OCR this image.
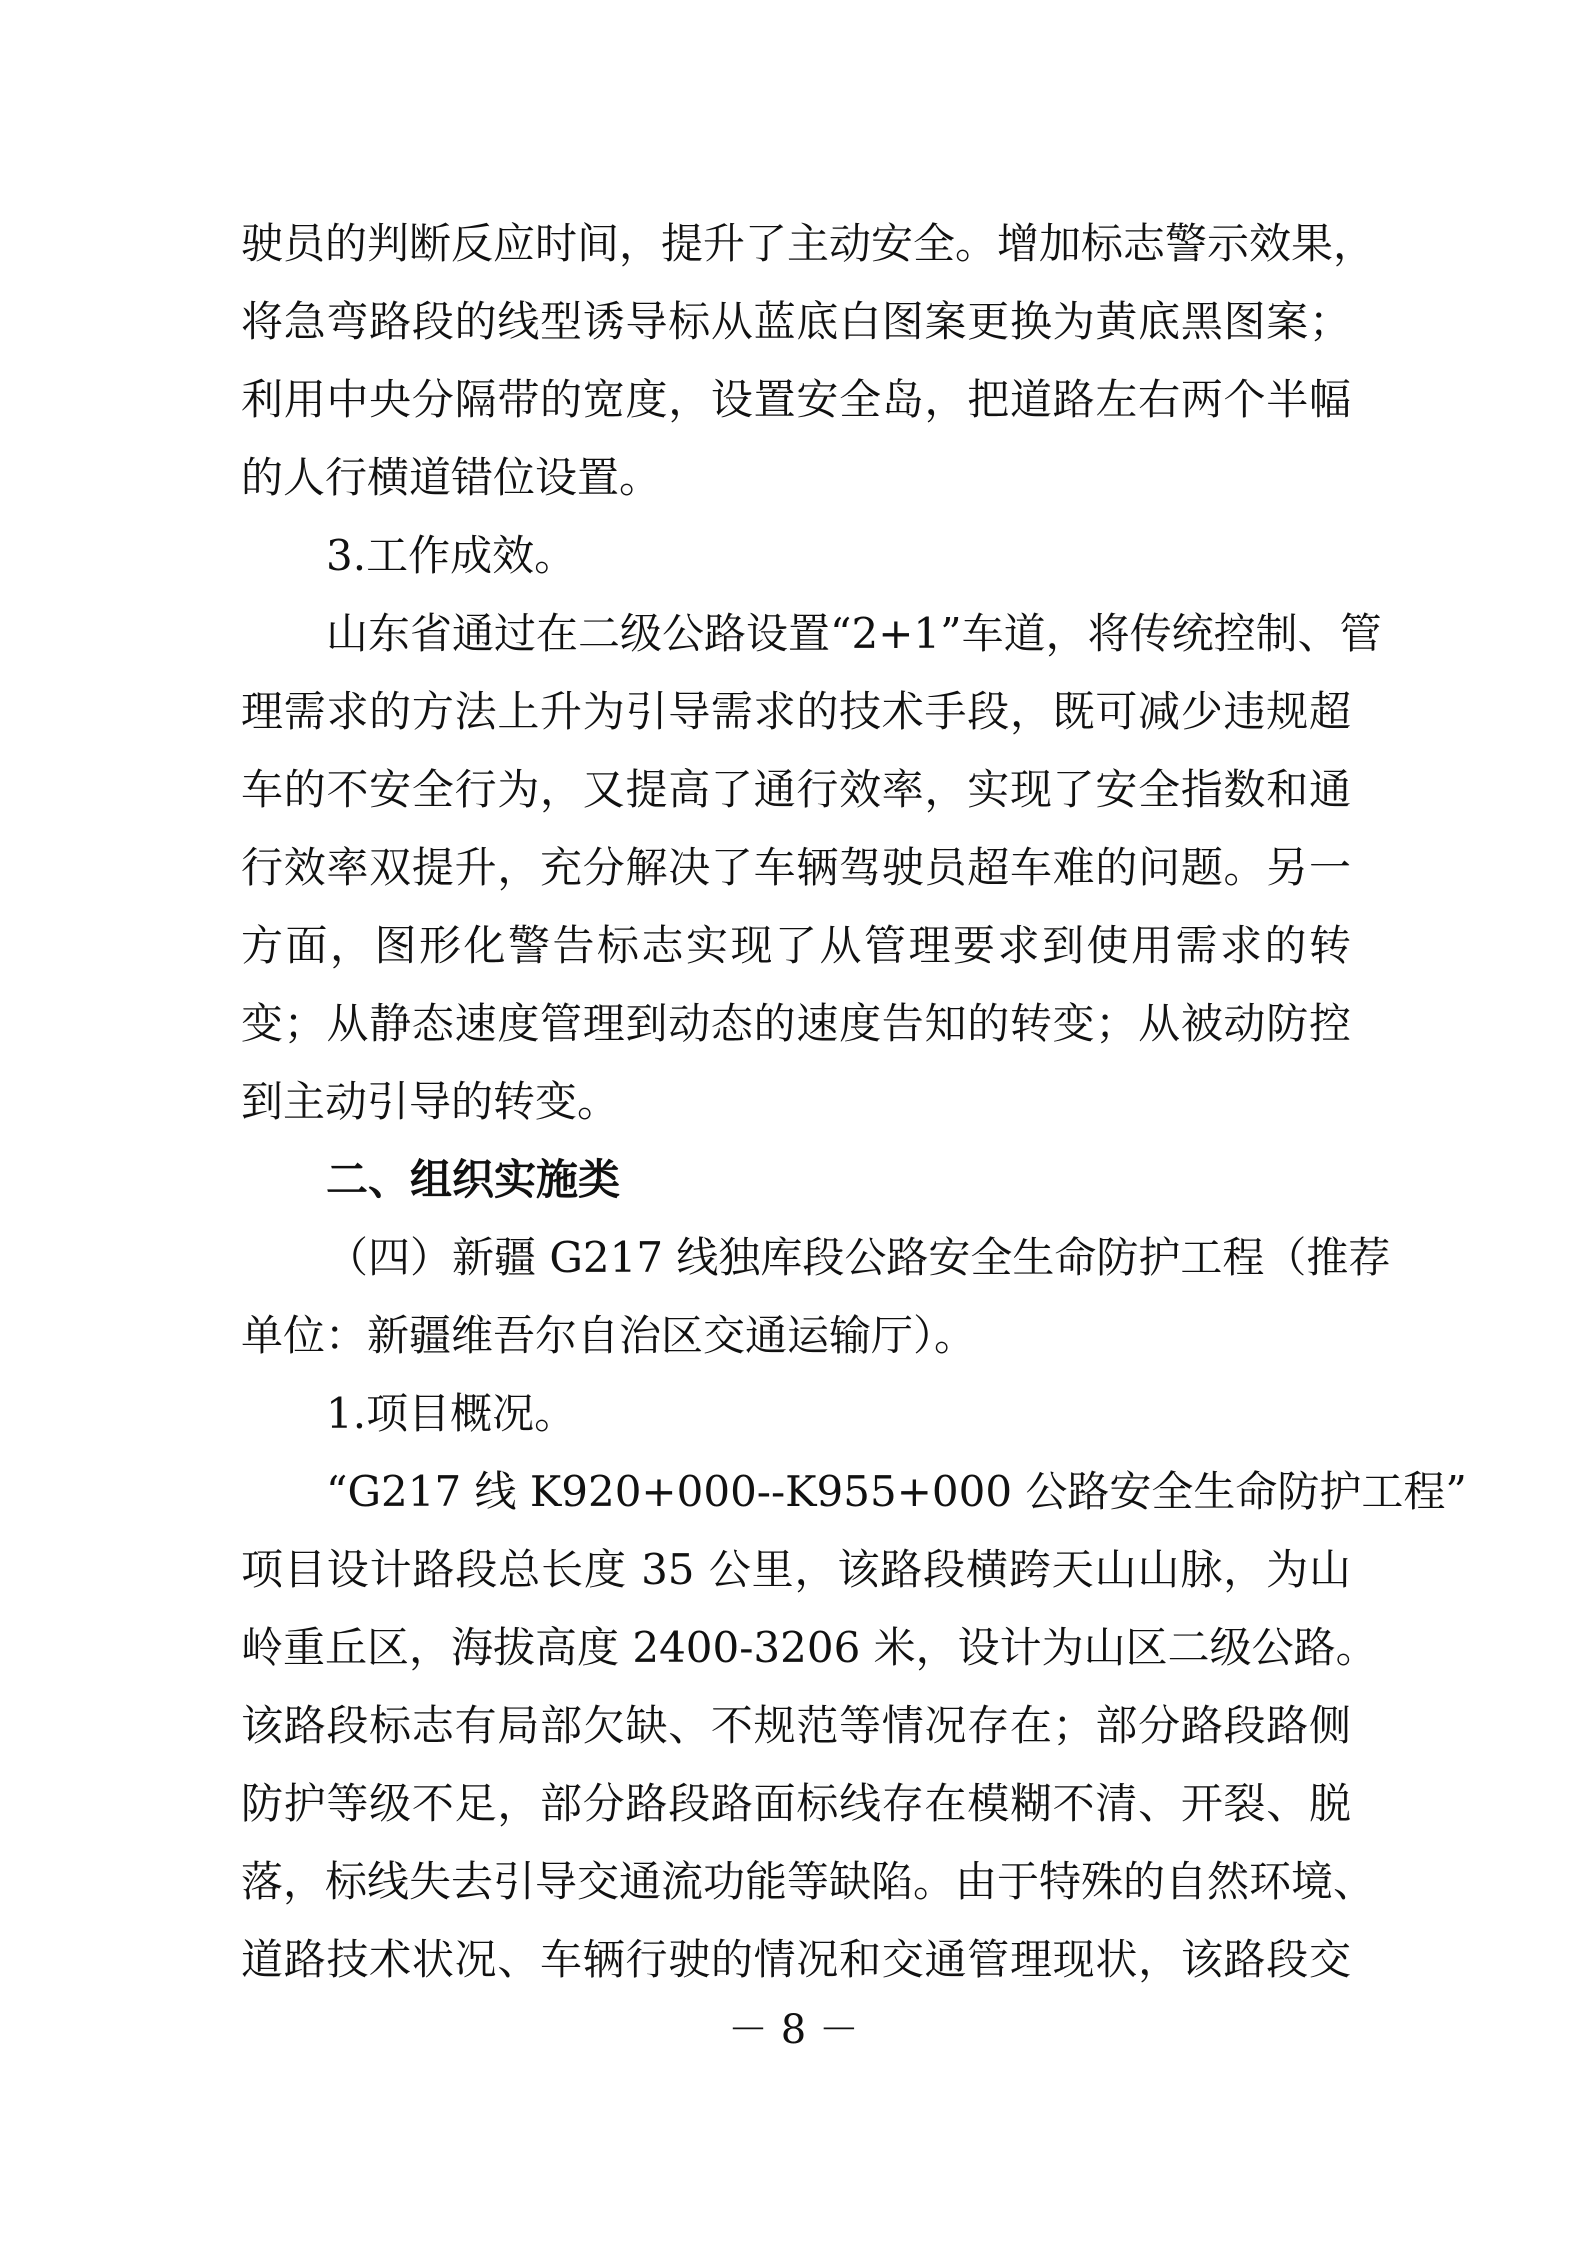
驶员的判断反应时间，提升了主动安全。增加标志警示效果，
将急弯路段的线型诱导标从蓝底白图案更换为黄底黑图案；
利用中央分隔带的宽度，设置安全岛，把道路左右两个半幅
的人行横道错位设置。
3.工作成效。
山东省通过在二级公路设置“2+1”车道，将传统控制、管
理需求的方法上升为引导需求的技术手段，既可减少违规超
车的不安全行为，又提高了通行效率，实现了安全指数和通
行效率双提升，充分解决了车辆驾驶员超车难的问题。另一
方面，图形化警告标志实现了从管理要求到使用需求的转
变；从静态速度管理到动态的速度告知的转变；从被动防控
到主动引导的转变。
二、组织实施类
（四）新疆 G217 线独库段公路安全生命防护工程（推荐
单位：新疆维吾尔自治区交通运输厅）。
1.项目概况。
“G217 线 K920+000--K955+000 公路安全生命防护工程”
项目设计路段总长度 35 公里，该路段横跨天山山脉，为山
岭重丘区，海拔高度 2400-3206 米，设计为山区二级公路。
该路段标志有局部欠缺、不规范等情况存在；部分路段路侧
防护等级不足，部分路段路面标线存在模糊不清、开裂、脱
落，标线失去引导交通流功能等缺陷。由于特殊的自然环境、
道路技术状况、车辆行驶的情况和交通管理现状，该路段交
－ 8 －
